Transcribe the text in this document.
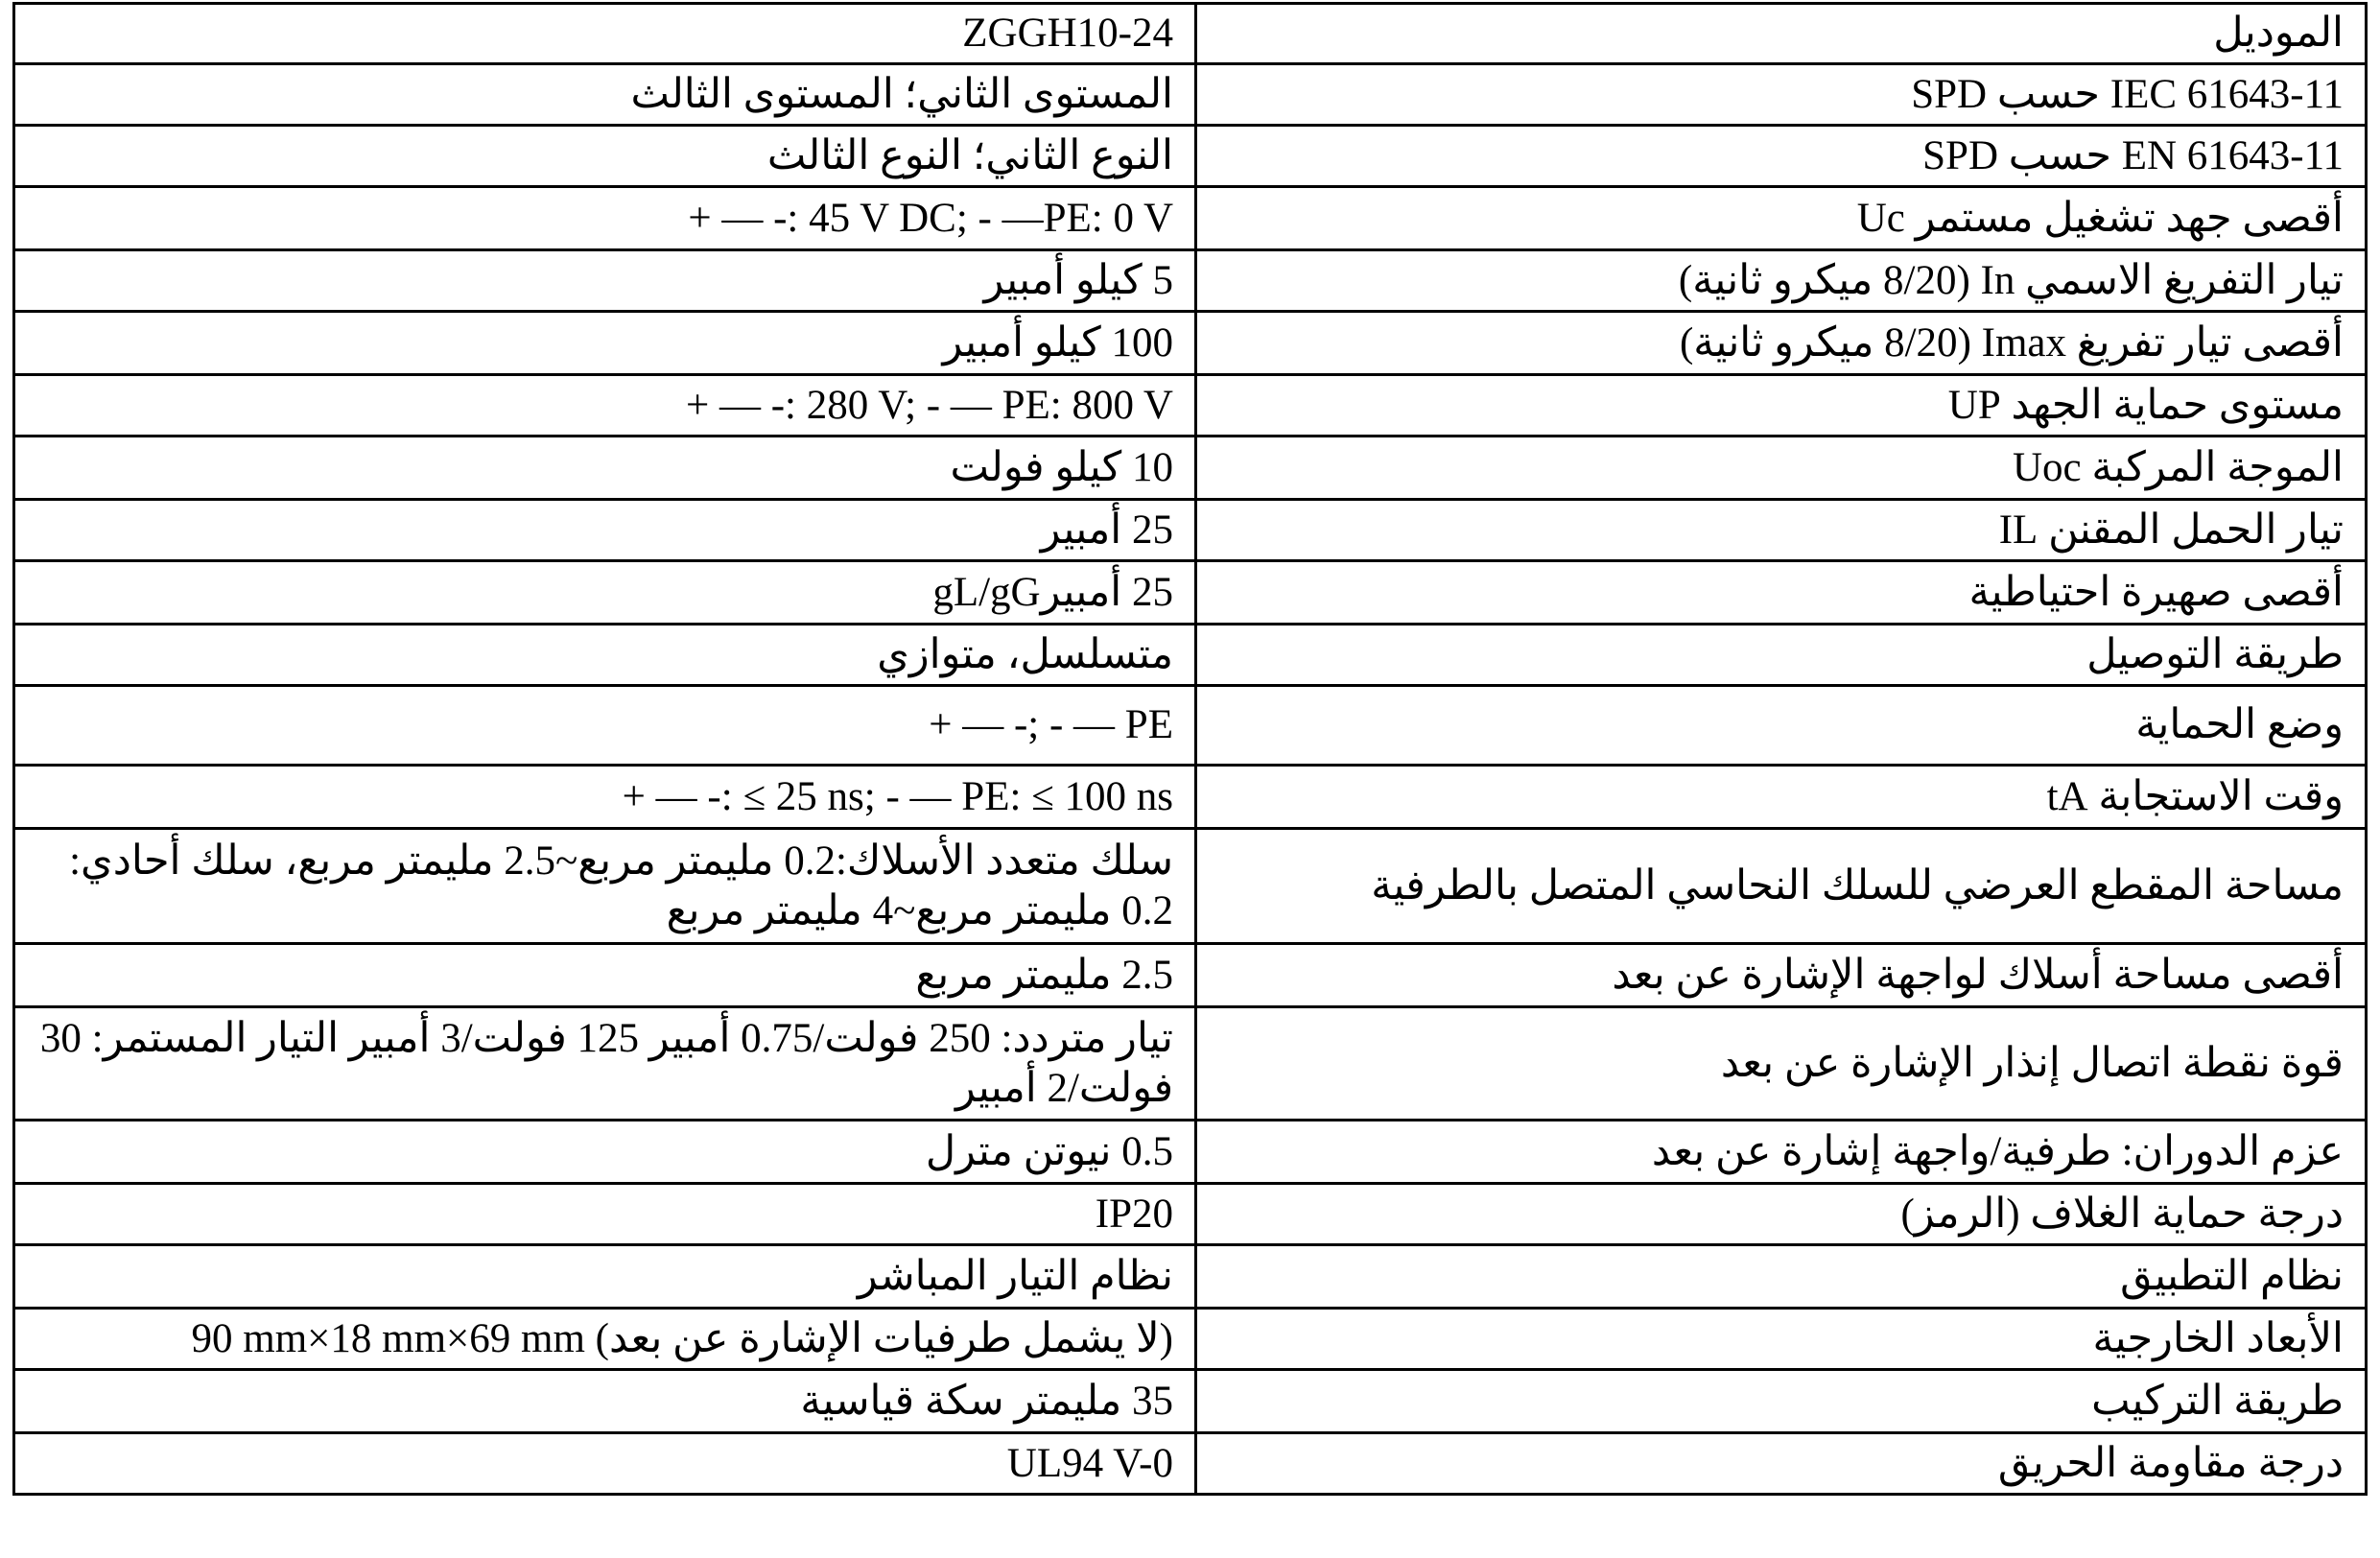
الموديل	ZGGH10-24
SPD حسب IEC 61643-11	المستوى الثاني؛ المستوى الثالث
SPD حسب EN 61643-11	النوع الثاني؛ النوع الثالث
أقصى جهد تشغيل مستمر Uc	+ — -: 45 V DC; - —PE: 0 V
تيار التفريغ الاسمي In (8/20 ميكرو ثانية)	5 كيلو أمبير
أقصى تيار تفريغ Imax (8/20 ميكرو ثانية)	100 كيلو أمبير
مستوى حماية الجهد UP	+ — -: 280 V; - — PE: 800 V
الموجة المركبة Uoc	10 كيلو فولت
تيار الحمل المقنن IL	25 أمبير
أقصى صهيرة احتياطية	25 أمبيرgL/gG
طريقة التوصيل	متسلسل، متوازي
وضع الحماية	+ — -; - — PE
وقت الاستجابة tA	+ — -: ≤ 25 ns; - — PE: ≤ 100 ns
مساحة المقطع العرضي للسلك النحاسي المتصل بالطرفية	سلك متعدد الأسلاك:0.2 مليمتر مربع~2.5 مليمتر مربع، سلك أحادي: 0.2 مليمتر مربع~4 مليمتر مربع
أقصى مساحة أسلاك لواجهة الإشارة عن بعد	2.5 مليمتر مربع
قوة نقطة اتصال إنذار الإشارة عن بعد	تيار متردد: 250 فولت/0.75 أمبير 125 فولت/3 أمبير التيار المستمر: 30 فولت/2 أمبير
عزم الدوران: طرفية/واجهة إشارة عن بعد	0.5 نيوتن مترل
درجة حماية الغلاف (الرمز)	IP20
نظام التطبيق	نظام التيار المباشر
الأبعاد الخارجية	90 mm×18 mm×69 mm (لا يشمل طرفيات الإشارة عن بعد)
طريقة التركيب	35 مليمتر سكة قياسية
درجة مقاومة الحريق	UL94 V-0
